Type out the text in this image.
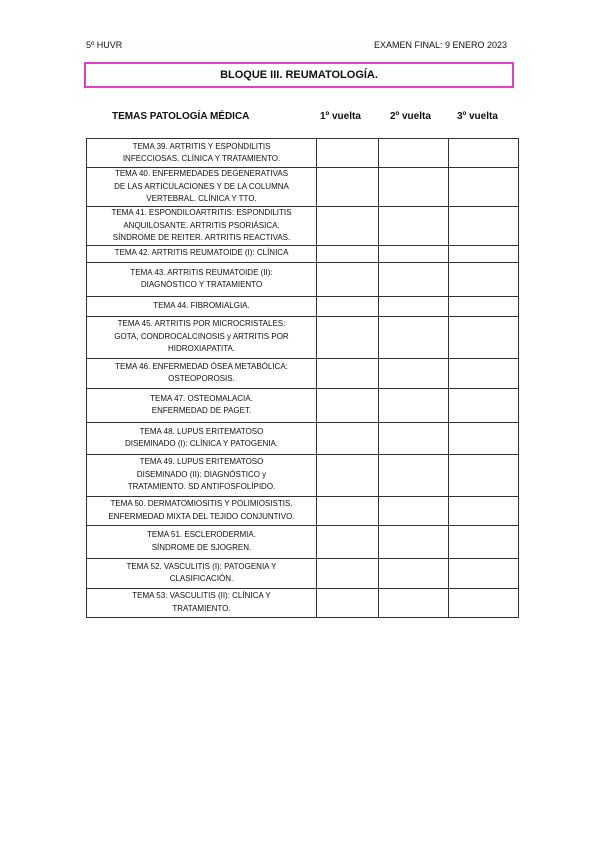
5º HUVR	EXAMEN FINAL: 9 ENERO 2023
BLOQUE III. REUMATOLOGÍA.
TEMAS PATOLOGÍA MÉDICA	1º vuelta	2º vuelta	3º vuelta
TEMA 39. ARTRITIS Y ESPONDILITIS
INFECCIOSAS. CLÍNICA Y TRATAMIENTO.			

TEMA 40. ENFERMEDADES DEGENERATIVAS
DE LAS ARTICULACIONES Y DE LA COLUMNA
VERTEBRAL. CLÍNICA Y TTO.			

TEMA 41. ESPONDILOARTRITIS: ESPONDILITIS
ANQUILOSANTE. ARTRITIS PSORIÁSICA.
SÍNDROME DE REITER. ARTRITIS REACTIVAS.			

TEMA 42. ARTRITIS REUMATOIDE (I): CLÍNICA			

TEMA 43. ARTRITIS REUMATOIDE (II):
DIAGNÓSTICO Y TRATAMIENTO			

TEMA 44. FIBROMIALGIA.			

TEMA 45. ARTRITIS POR MICROCRISTALES:
GOTA, CONDROCALCINOSIS y ARTRITIS POR
HIDROXIAPATITA.			

TEMA 46. ENFERMEDAD ÓSEA METABÓLICA:
OSTEOPOROSIS.			

TEMA 47. OSTEOMALACIA.
ENFERMEDAD DE PAGET.			

TEMA 48. LUPUS ERITEMATOSO
DISEMINADO (I): CLÍNICA Y PATOGENIA.			

TEMA 49. LUPUS ERITEMATOSO
DISEMINADO (II): DIAGNÓSTICO y
TRATAMIENTO. SD ANTIFOSFOLÍPIDO.			

TEMA 50. DERMATOMIOSITIS Y POLIMIOSISTIS.
ENFERMEDAD MIXTA DEL TEJIDO CONJUNTIVO.			

TEMA 51. ESCLERODERMIA.
SÍNDROME DE SJOGREN.			

TEMA 52. VASCULITIS (I): PATOGENIA Y
CLASIFICACIÓN.			

TEMA 53. VASCULITIS (II): CLÍNICA Y
TRATAMIENTO.			
